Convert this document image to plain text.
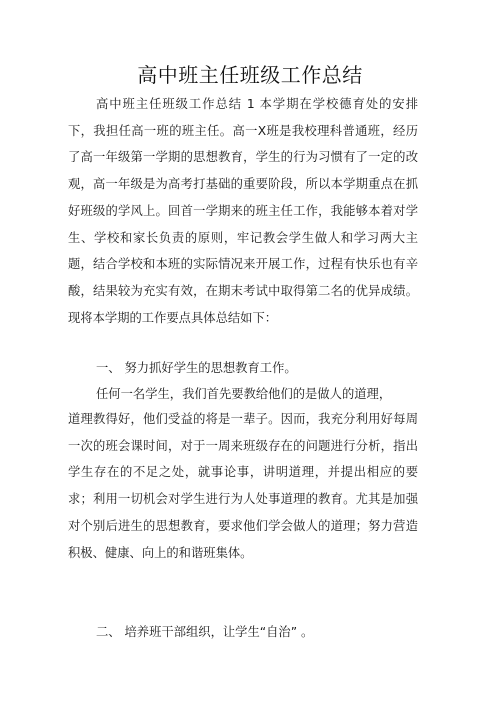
高中班主任班级工作总结
高中班主任班级工作总结 1 本学期在学校德育处的安排下，我担任高一班的班主任。高一X班是我校理科普通班，经历了高一年级第一学期的思想教育，学生的行为习惯有了一定的改观，高一年级是为高考打基础的重要阶段，所以本学期重点在抓好班级的学风上。回首一学期来的班主任工作，我能够本着对学生、学校和家长负责的原则，牢记教会学生做人和学习两大主题，结合学校和本班的实际情况来开展工作，过程有快乐也有辛酸，结果较为充实有效，在期末考试中取得第二名的优异成绩。现将本学期的工作要点具体总结如下：
一、 努力抓好学生的思想教育工作。
任何一名学生，我们首先要教给他们的是做人的道理，
道理教得好，他们受益的将是一辈子。因而，我充分利用好每周一次的班会课时间，对于一周来班级存在的问题进行分析，指出学生存在的不足之处，就事论事，讲明道理，并提出相应的要求；利用一切机会对学生进行为人处事道理的教育。尤其是加强对个别后进生的思想教育，要求他们学会做人的道理；努力营造积极、健康、向上的和谐班集体。
二、 培养班干部组织，让学生“自治” 。
